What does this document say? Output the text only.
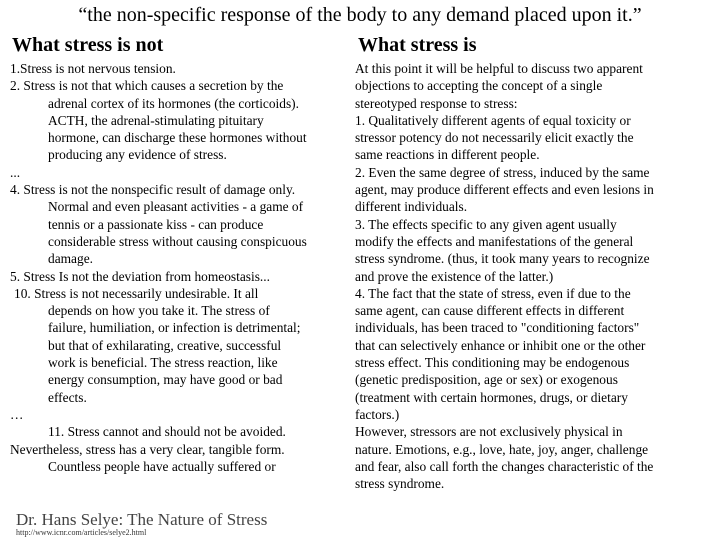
“the non-specific response of the body to any demand placed upon it.”
What stress is not	What stress is
1.Stress is not nervous tension.
2. Stress is not that which causes a secretion by the
adrenal cortex of its hormones (the corticoids).
ACTH, the adrenal-stimulating pituitary
hormone, can discharge these hormones without
producing any evidence of stress.
...
4. Stress is not the nonspecific result of damage only.
Normal and even pleasant activities - a game of
tennis or a passionate kiss - can produce
considerable stress without causing conspicuous
damage.
5. Stress Is not the deviation from homeostasis...
10. Stress is not necessarily undesirable. It all
depends on how you take it. The stress of
failure, humiliation, or infection is detrimental;
but that of exhilarating, creative, successful
work is beneficial. The stress reaction, like
energy consumption, may have good or bad
effects.
…
11. Stress cannot and should not be avoided.
Nevertheless, stress has a very clear, tangible form.
Countless people have actually suffered or
At this point it will be helpful to discuss two apparent
objections to accepting the concept of a single
stereotyped response to stress:
1. Qualitatively different agents of equal toxicity or
stressor potency do not necessarily elicit exactly the
same reactions in different people.
2. Even the same degree of stress, induced by the same
agent, may produce different effects and even lesions in
different individuals.
3. The effects specific to any given agent usually
modify the effects and manifestations of the general
stress syndrome. (thus, it took many years to recognize
and prove the existence of the latter.)
4. The fact that the state of stress, even if due to the
same agent, can cause different effects in different
individuals, has been traced to "conditioning factors"
that can selectively enhance or inhibit one or the other
stress effect. This conditioning may be endogenous
(genetic predisposition, age or sex) or exogenous
(treatment with certain hormones, drugs, or dietary
factors.)
However, stressors are not exclusively physical in
nature. Emotions, e.g., love, hate, joy, anger, challenge
and fear, also call forth the changes characteristic of the
stress syndrome.
Dr. Hans Selye: The Nature of Stress
http://www.icnr.com/articles/selye2.html
